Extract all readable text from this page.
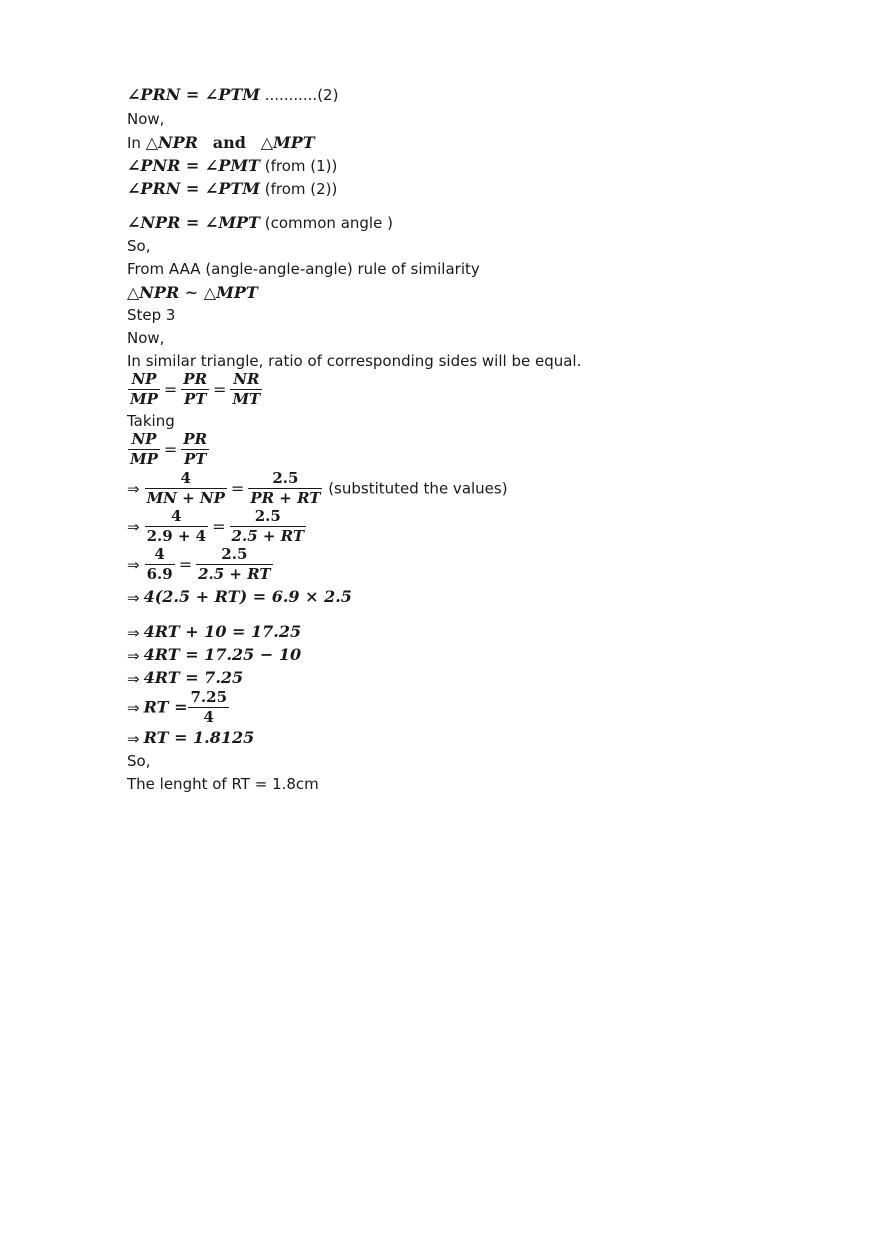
∠PRN = ∠PTM ...........(2)
Now,
In △NPR and △MPT
∠PNR = ∠PMT (from (1))
∠PRN = ∠PTM (from (2))
∠NPR = ∠MPT (common angle )
So,
From AAA (angle-angle-angle) rule of similarity
△NPR ∼ △MPT
Step 3
Now,
In similar triangle, ratio of corresponding sides will be equal.
$\frac{NP}{MP} = \frac{PR}{PT} = \frac{NR}{MT}$
Taking
$\frac{NP}{MP} = \frac{PR}{PT}$
⇒ $\frac{4}{MN + NP} = \frac{2.5}{PR + RT}$ (substituted the values)
⇒ $\frac{4}{2.9 + 4} = \frac{2.5}{2.5 + RT}$
⇒ $\frac{4}{6.9} = \frac{2.5}{2.5 + RT}$
⇒ 4(2.5 + RT) = 6.9 × 2.5
⇒ 4RT + 10 = 17.25
⇒ 4RT = 17.25 − 10
⇒ 4RT = 7.25
⇒ RT = $\frac{7.25}{4}$
⇒ RT = 1.8125
So,
The lenght of RT = 1.8cm
